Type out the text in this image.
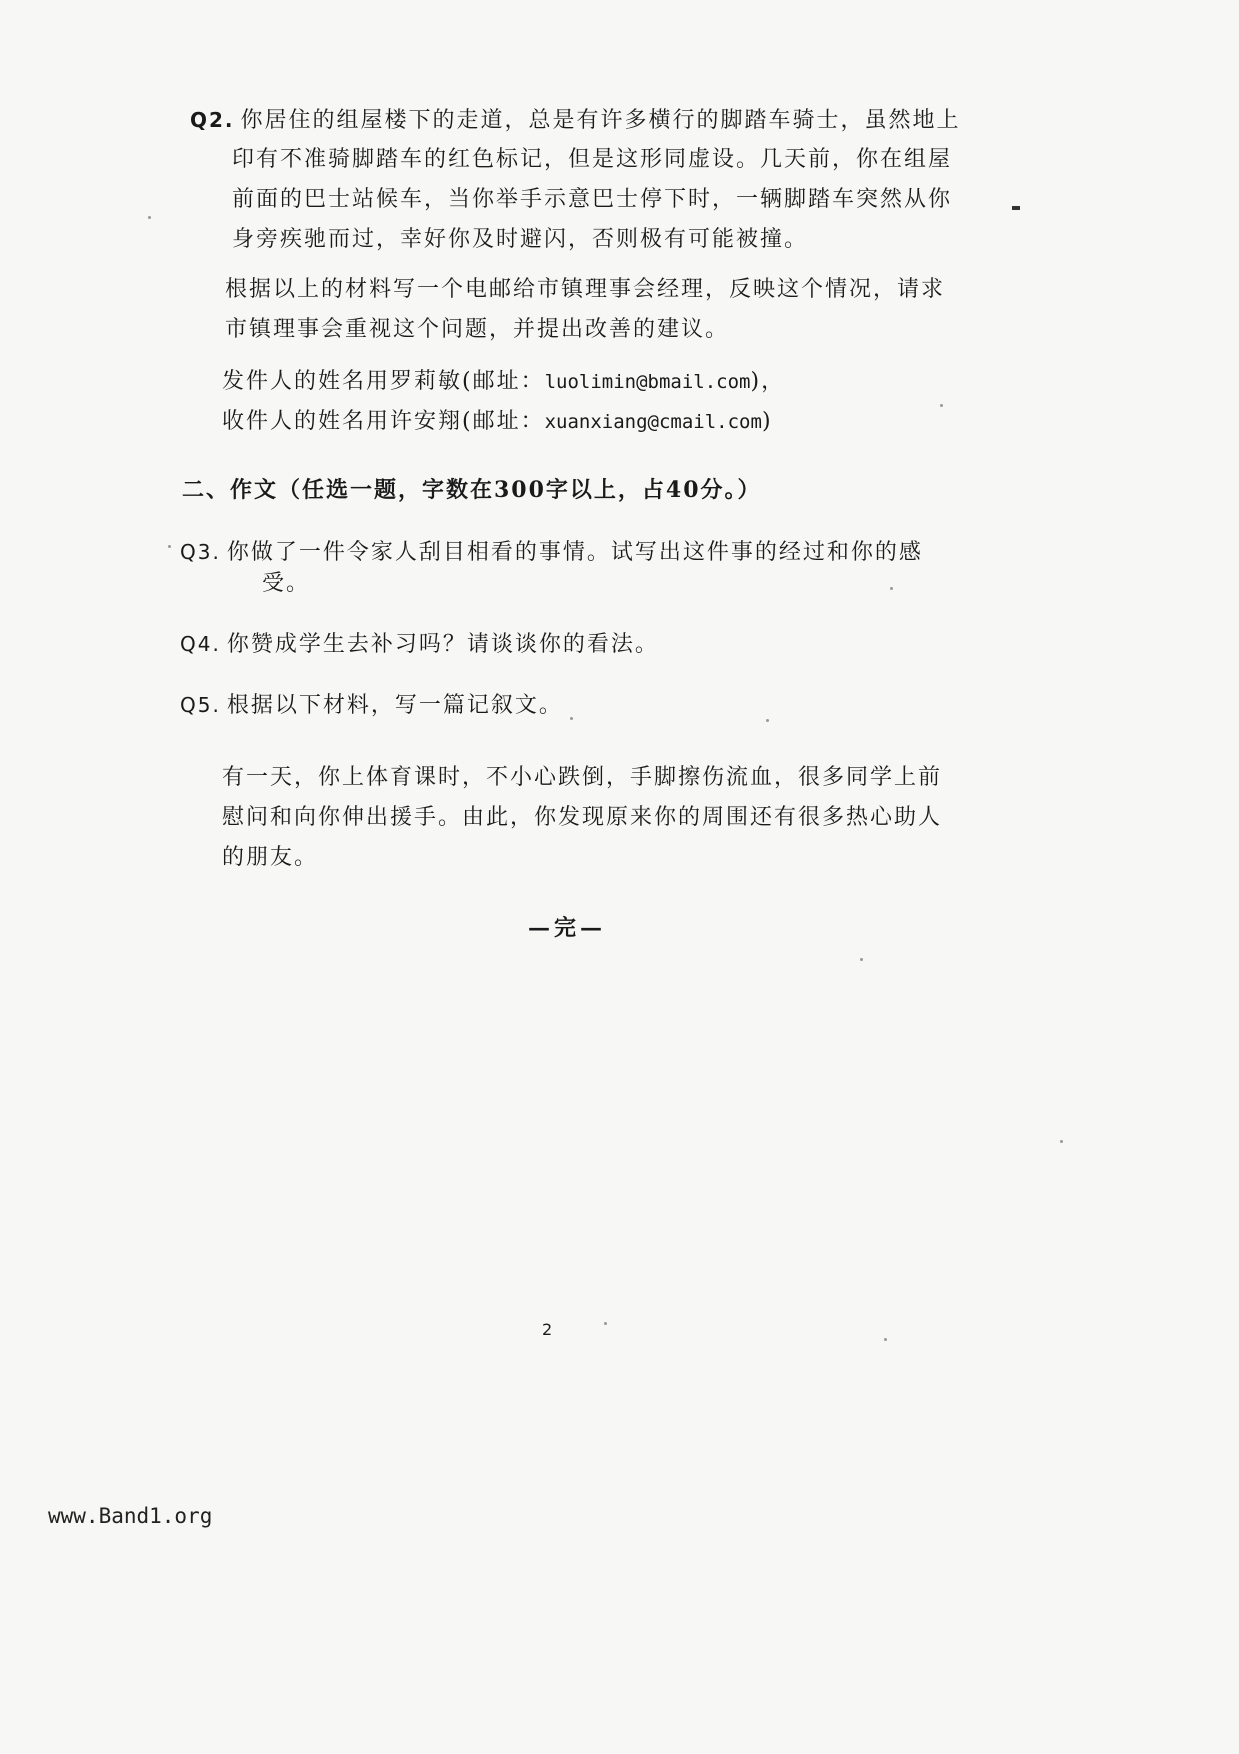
Q2. 你居住的组屋楼下的走道，总是有许多横行的脚踏车骑士，虽然地上
印有不准骑脚踏车的红色标记，但是这形同虚设。几天前，你在组屋
前面的巴士站候车，当你举手示意巴士停下时，一辆脚踏车突然从你
身旁疾驰而过，幸好你及时避闪，否则极有可能被撞。
根据以上的材料写一个电邮给市镇理事会经理，反映这个情况，请求
市镇理事会重视这个问题，并提出改善的建议。
发件人的姓名用罗莉敏(邮址：luolimin@bmail.com)，
收件人的姓名用许安翔(邮址：xuanxiang@cmail.com)
二、作文（任选一题，字数在300字以上，占40分。）
Q3. 你做了一件令家人刮目相看的事情。试写出这件事的经过和你的感
受。
Q4. 你赞成学生去补习吗？请谈谈你的看法。
Q5. 根据以下材料，写一篇记叙文。
有一天，你上体育课时，不小心跌倒，手脚擦伤流血，很多同学上前
慰问和向你伸出援手。由此，你发现原来你的周围还有很多热心助人
的朋友。
—完—
2
www.Band1.org
